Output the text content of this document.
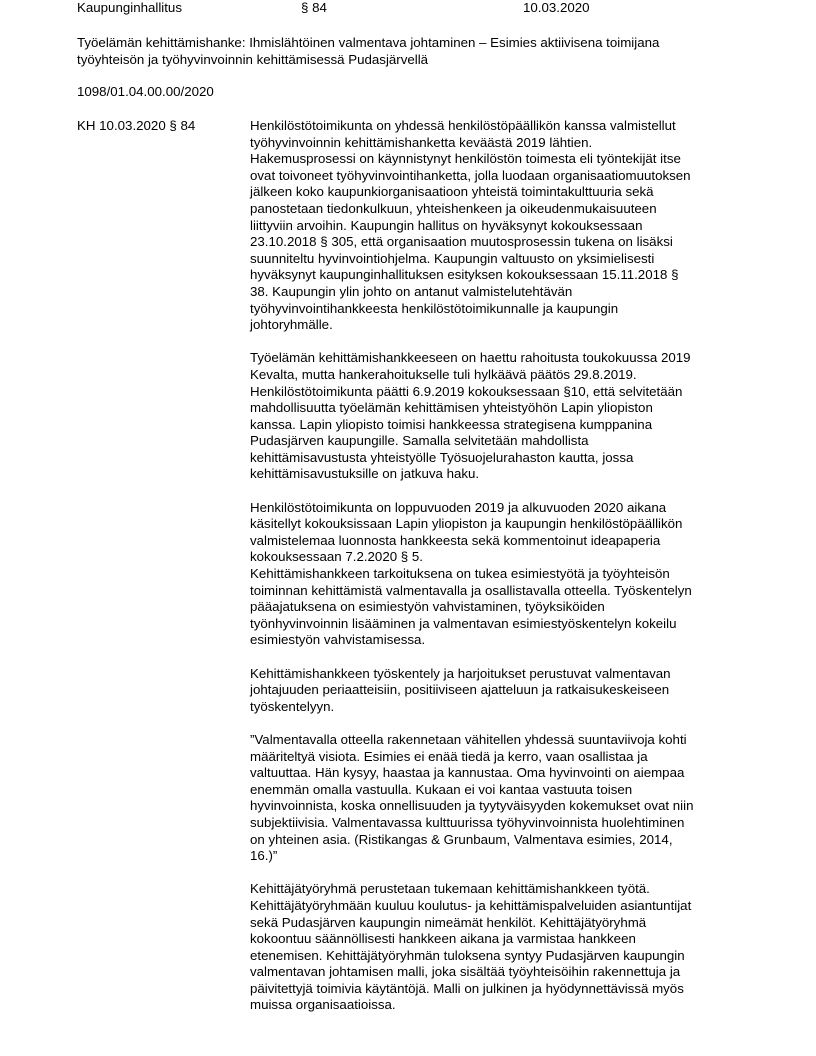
Kaupunginhallitus	§ 84	10.03.2020
Työelämän kehittämishanke: Ihmislähtöinen valmentava johtaminen – Esimies aktiivisena toimijana
työyhteisön ja työhyvinvoinnin kehittämisessä Pudasjärvellä
1098/01.04.00.00/2020
KH 10.03.2020 § 84	Henkilöstötoimikunta on yhdessä henkilöstöpäällikön kanssa valmistellut
työhyvinvoinnin kehittämishanketta keväästä 2019 lähtien.
Hakemusprosessi on käynnistynyt henkilöstön toimesta eli työntekijät itse
ovat toivoneet työhyvinvointihanketta, jolla luodaan organisaatiomuutoksen
jälkeen koko kaupunkiorganisaatioon yhteistä toimintakulttuuria sekä
panostetaan tiedonkulkuun, yhteishenkeen ja oikeudenmukaisuuteen
liittyviin arvoihin. Kaupungin hallitus on hyväksynyt kokouksessaan
23.10.2018 § 305, että organisaation muutosprosessin tukena on lisäksi
suunniteltu hyvinvointiohjelma. Kaupungin valtuusto on yksimielisesti
hyväksynyt kaupunginhallituksen esityksen kokouksessaan 15.11.2018 §
38. Kaupungin ylin johto on antanut valmistelutehtävän
työhyvinvointihankkeesta henkilöstötoimikunnalle ja kaupungin
johtoryhmälle.
Työelämän kehittämishankkeeseen on haettu rahoitusta toukokuussa 2019
Kevalta, mutta hankerahoitukselle tuli hylkäävä päätös 29.8.2019.
Henkilöstötoimikunta päätti 6.9.2019 kokouksessaan §10, että selvitetään
mahdollisuutta työelämän kehittämisen yhteistyöhön Lapin yliopiston
kanssa. Lapin yliopisto toimisi hankkeessa strategisena kumppanina
Pudasjärven kaupungille. Samalla selvitetään mahdollista
kehittämisavustusta yhteistyölle Työsuojelurahaston kautta, jossa
kehittämisavustuksille on jatkuva haku.
Henkilöstötoimikunta on loppuvuoden 2019 ja alkuvuoden 2020 aikana
käsitellyt kokouksissaan Lapin yliopiston ja kaupungin henkilöstöpäällikön
valmistelemaa luonnosta hankkeesta sekä kommentoinut ideapaperia
kokouksessaan 7.2.2020 § 5.
Kehittämishankkeen tarkoituksena on tukea esimiestyötä ja työyhteisön
toiminnan kehittämistä valmentavalla ja osallistavalla otteella. Työskentelyn
pääajatuksena on esimiestyön vahvistaminen, työyksiköiden
työnhyvinvoinnin lisääminen ja valmentavan esimiestyöskentelyn kokeilu
esimiestyön vahvistamisessa.
Kehittämishankkeen työskentely ja harjoitukset perustuvat valmentavan
johtajuuden periaatteisiin, positiiviseen ajatteluun ja ratkaisukeskeiseen
työskentelyyn.
”Valmentavalla otteella rakennetaan vähitellen yhdessä suuntaviivoja kohti
määriteltyä visiota. Esimies ei enää tiedä ja kerro, vaan osallistaa ja
valtuuttaa. Hän kysyy, haastaa ja kannustaa. Oma hyvinvointi on aiempaa
enemmän omalla vastuulla. Kukaan ei voi kantaa vastuuta toisen
hyvinvoinnista, koska onnellisuuden ja tyytyväisyyden kokemukset ovat niin
subjektiivisia. Valmentavassa kulttuurissa työhyvinvoinnista huolehtiminen
on yhteinen asia. (Ristikangas & Grunbaum, Valmentava esimies, 2014,
16.)”
Kehittäjätyöryhmä perustetaan tukemaan kehittämishankkeen työtä.
Kehittäjätyöryhmään kuuluu koulutus- ja kehittämispalveluiden asiantuntijat
sekä Pudasjärven kaupungin nimeämät henkilöt. Kehittäjätyöryhmä
kokoontuu säännöllisesti hankkeen aikana ja varmistaa hankkeen
etenemisen. Kehittäjätyöryhmän tuloksena syntyy Pudasjärven kaupungin
valmentavan johtamisen malli, joka sisältää työyhteisöihin rakennettuja ja
päivitettyjä toimivia käytäntöjä. Malli on julkinen ja hyödynnettävissä myös
muissa organisaatioissa.
